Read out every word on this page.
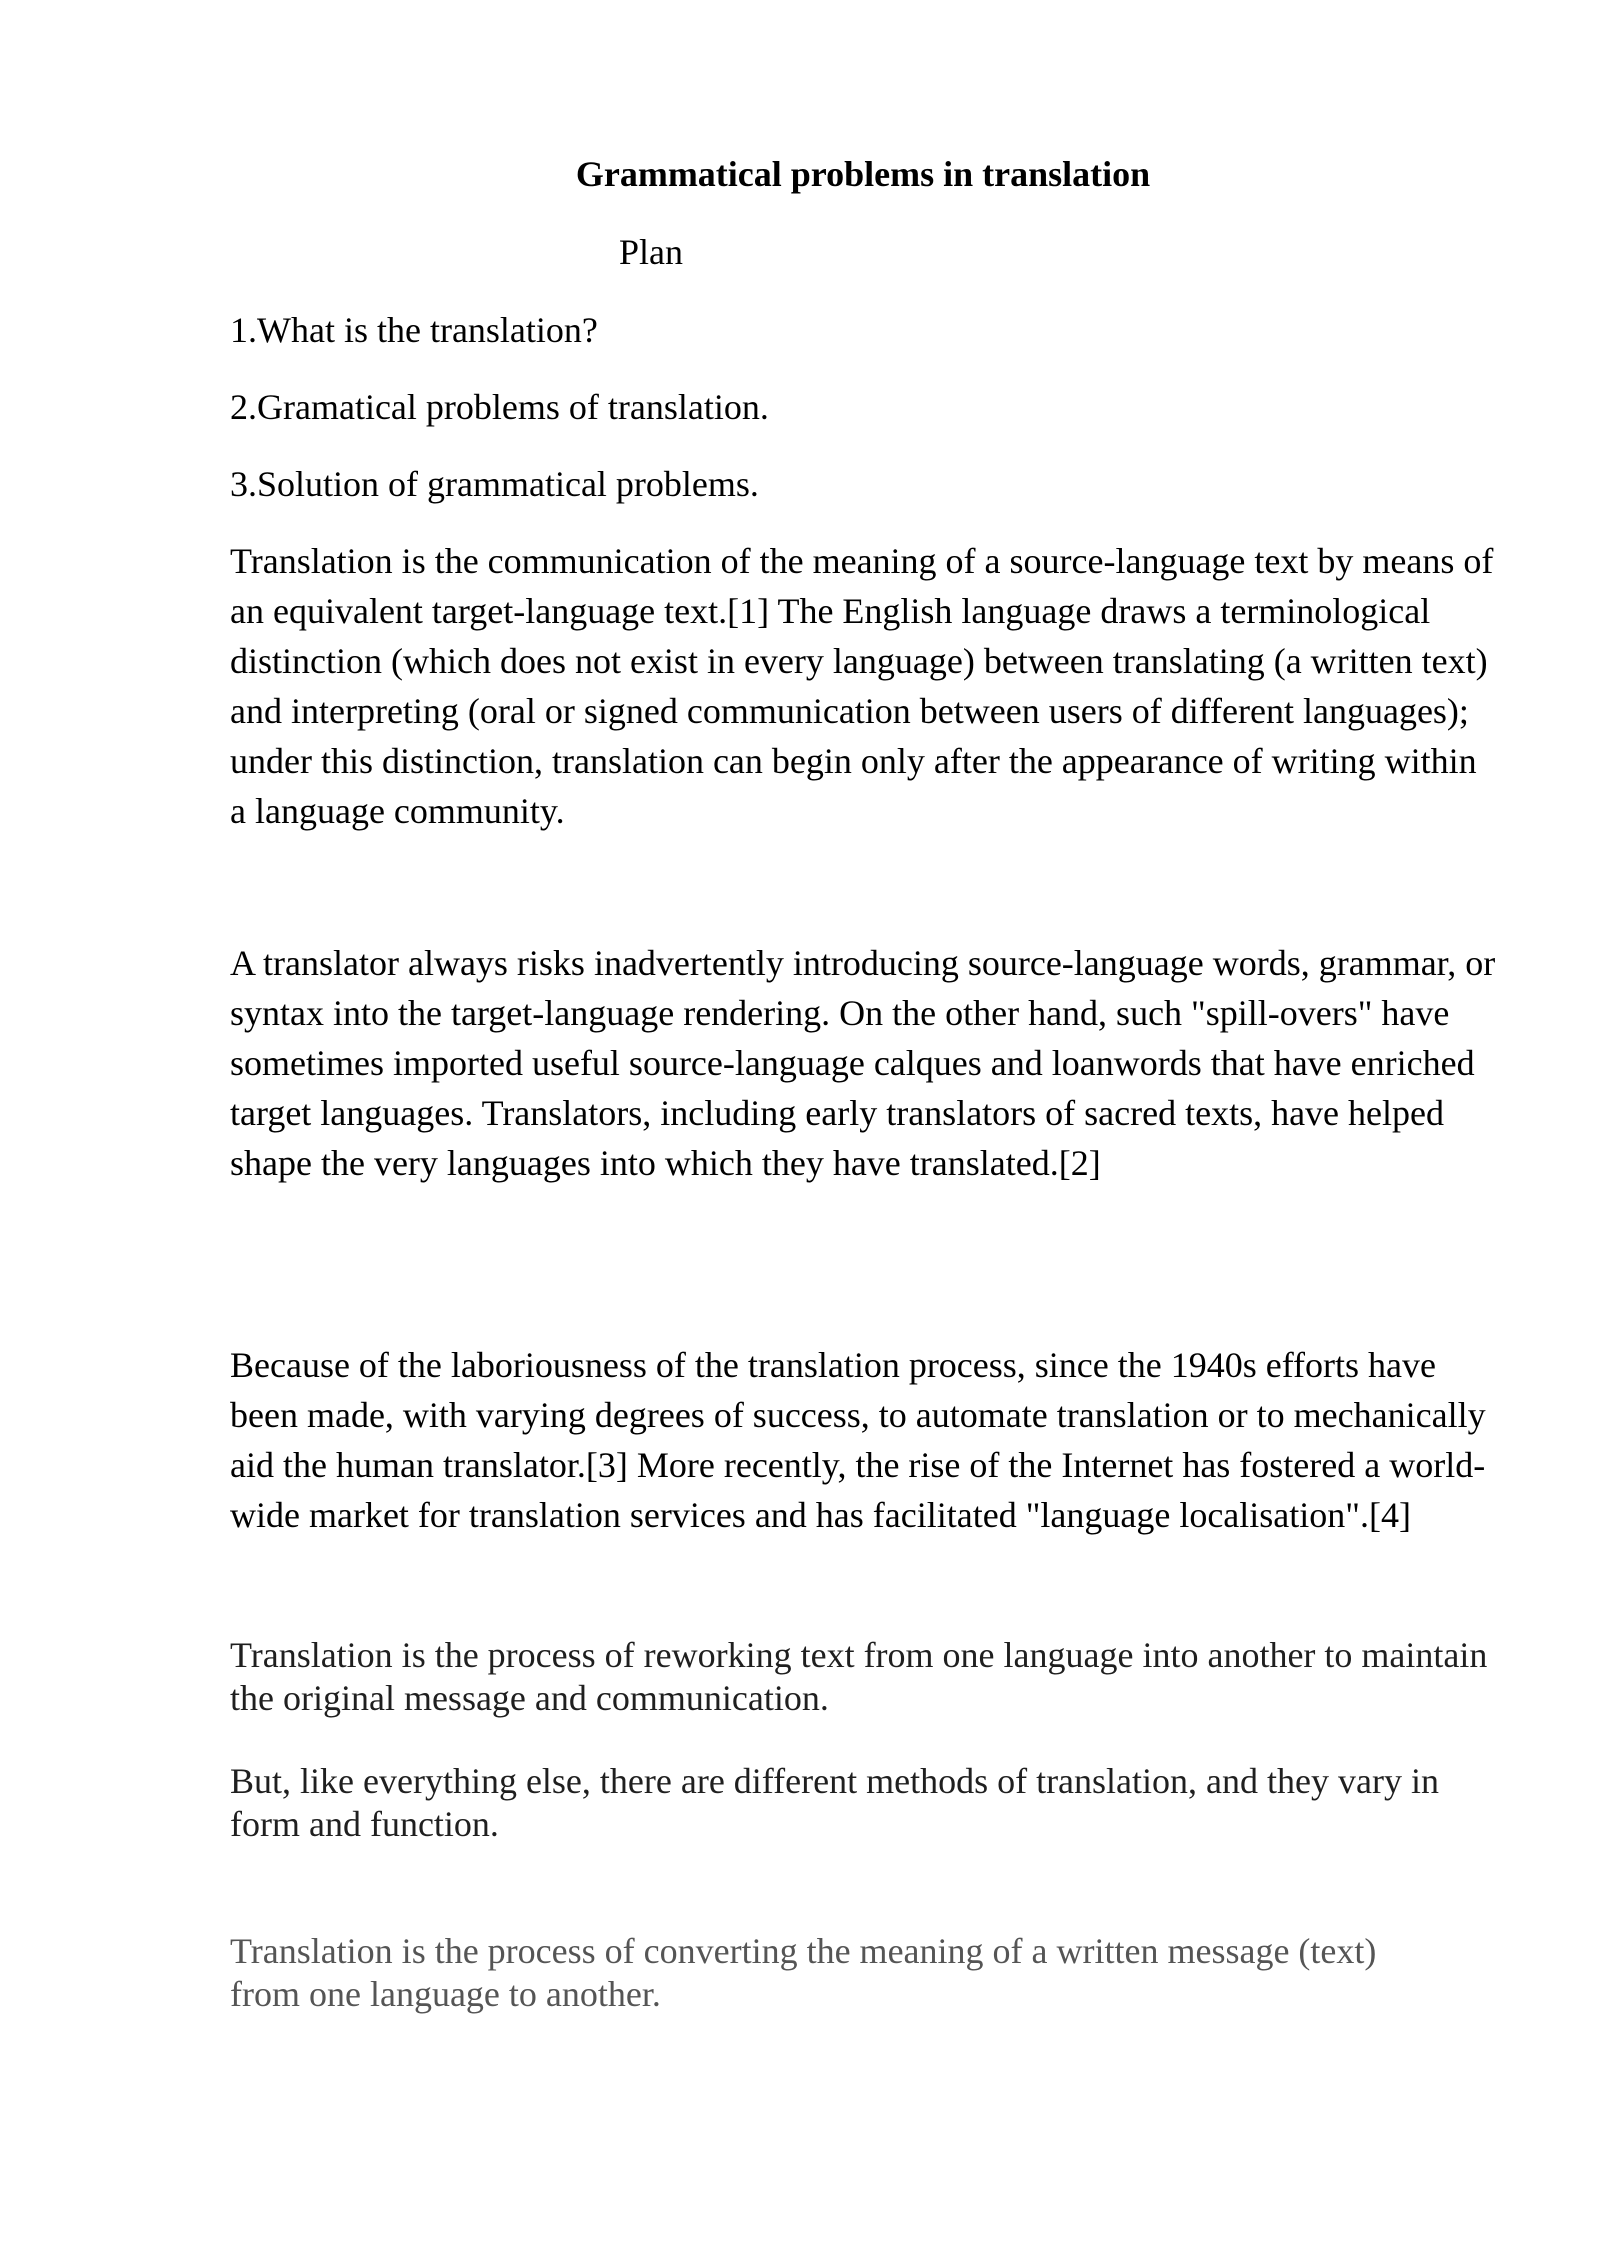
Grammatical problems in translation

Plan

1.What is the translation?

2.Gramatical problems of translation.

3.Solution of grammatical problems.

Translation is the communication of the meaning of a source-language text by means of an equivalent target-language text.[1] The English language draws a terminological distinction (which does not exist in every language) between translating (a written text) and interpreting (oral or signed communication between users of different languages); under this distinction, translation can begin only after the appearance of writing within a language community.

A translator always risks inadvertently introducing source-language words, grammar, or syntax into the target-language rendering. On the other hand, such "spill-overs" have sometimes imported useful source-language calques and loanwords that have enriched target languages. Translators, including early translators of sacred texts, have helped shape the very languages into which they have translated.[2]

Because of the laboriousness of the translation process, since the 1940s efforts have been made, with varying degrees of success, to automate translation or to mechanically aid the human translator.[3] More recently, the rise of the Internet has fostered a world-wide market for translation services and has facilitated "language localisation".[4]

Translation is the process of reworking text from one language into another to maintain the original message and communication.

But, like everything else, there are different methods of translation, and they vary in form and function.

Translation is the process of converting the meaning of a written message (text) from one language to another.
